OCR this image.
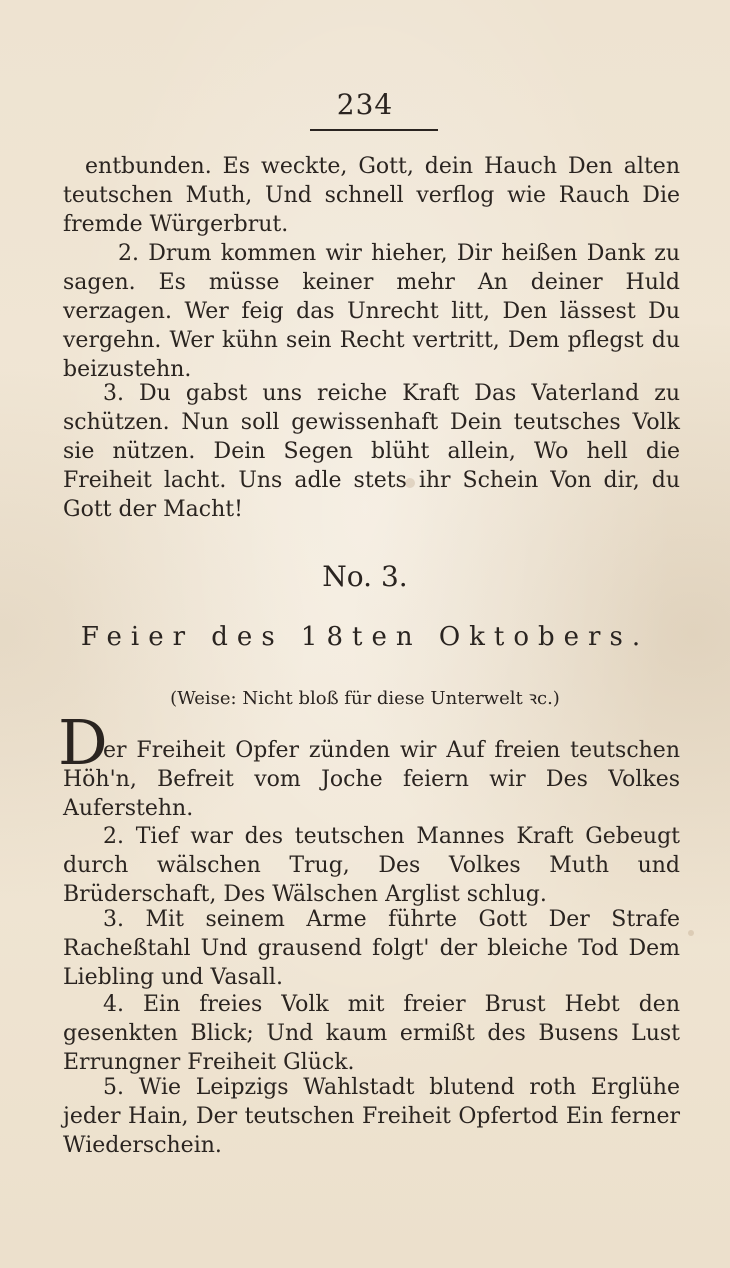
234

entbunden. Es weckte, Gott, dein Hauch Den alten teutschen Muth, Und schnell verflog wie Rauch Die fremde Würgerbrut.

2. Drum kommen wir hieher, Dir heißen Dank zu sagen. Es müsse keiner mehr An deiner Huld verzagen. Wer feig das Unrecht litt, Den lässest Du vergehn. Wer kühn sein Recht vertritt, Dem pflegst du beizustehn.

3. Du gabst uns reiche Kraft Das Vaterland zu schützen. Nun soll gewissenhaft Dein teutsches Volk sie nützen. Dein Segen blüht allein, Wo hell die Freiheit lacht. Uns adle stets ihr Schein Von dir, du Gott der Macht!

No. 3.
Feier des 18ten Oktobers.
(Weise: Nicht bloß für diese Unterwelt ꝛc.)
D

er Freiheit Opfer zünden wir Auf freien teutschen Höh'n, Befreit vom Joche feiern wir Des Volkes Auferstehn.

2. Tief war des teutschen Mannes Kraft Gebeugt durch wälschen Trug, Des Volkes Muth und Brüderschaft, Des Wälschen Arglist schlug.

3. Mit seinem Arme führte Gott Der Strafe Racheßtahl Und grausend folgt' der bleiche Tod Dem Liebling und Vasall.

4. Ein freies Volk mit freier Brust Hebt den gesenkten Blick; Und kaum ermißt des Busens Lust Errungner Freiheit Glück.

5. Wie Leipzigs Wahlstadt blutend roth Erglühe jeder Hain, Der teutschen Freiheit Opfertod Ein ferner Wiederschein.
